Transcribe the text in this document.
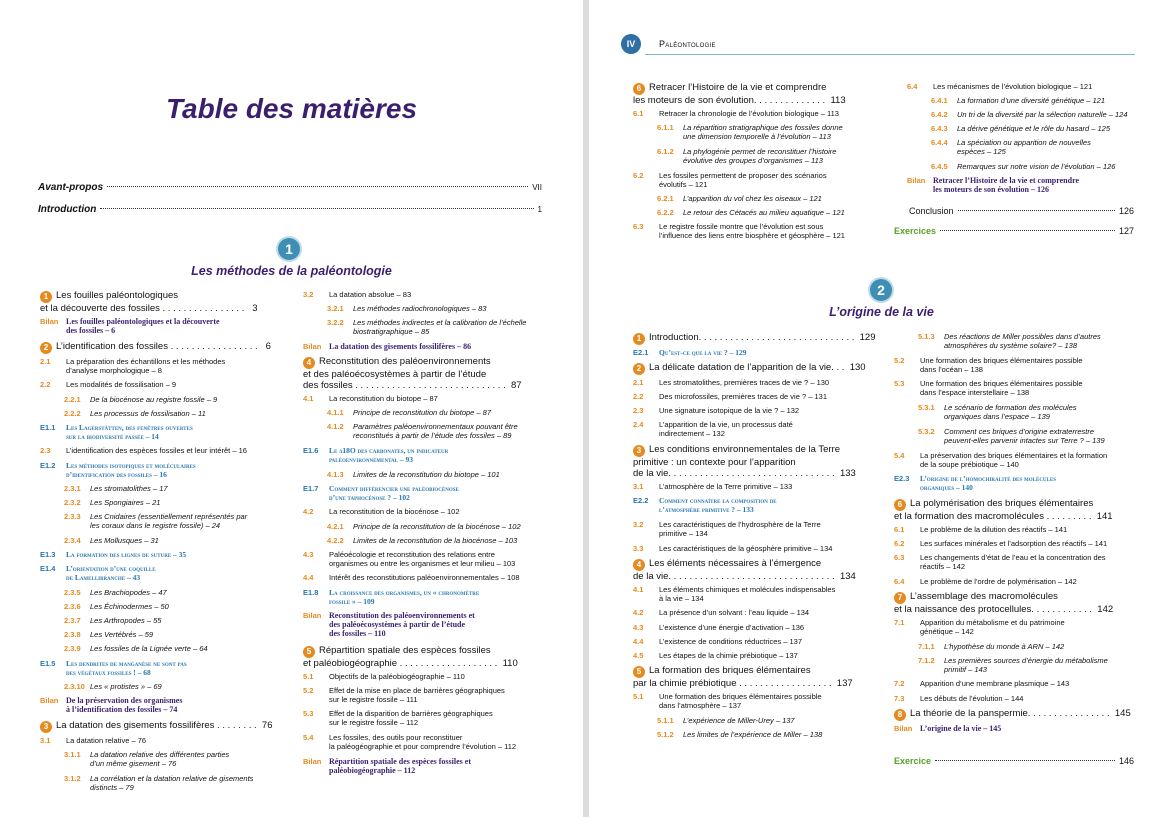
Table des matières
Avant-propos	VII
Introduction	1
1
Les méthodes de la paléontologie
1 Les fouilles paléontologiques
et la découverte des fossiles . . . . . . . . . . . . . . . .   3
Bilan Les fouilles paléontologiques et la découverte
des fossiles – 6
2 L’identification des fossiles . . . . . . . . . . . . . . . . .   6
2.1 La préparation des échantillons et les méthodes
d’analyse morphologique – 8
2.2 Les modalités de fossilisation – 9
2.2.1 De la biocénose au registre fossile – 9
2.2.2 Les processus de fossilisation – 11
E1.1 Les Lagerstätten, des fenêtres ouvertes
sur la biodiversité passée – 14
2.3 L’identification des espèces fossiles et leur intérêt – 16
E1.2 Les méthodes isotopiques et moléculaires
d’identification des fossiles – 16
2.3.1 Les stromatolithes – 17
2.3.2 Les Spongiaires – 21
2.3.3 Les Cnidaires (essentiellement représentés par
les coraux dans le registre fossile) – 24
2.3.4 Les Mollusques – 31
E1.3 La formation des lignes de suture – 35
E1.4 L’orientation d’une coquille
de Lamellibranche – 43
2.3.5 Les Brachiopodes – 47
2.3.6 Les Échinodermes – 50
2.3.7 Les Arthropodes – 55
2.3.8 Les Vertébrés – 59
2.3.9 Les fossiles de la Lignée verte – 64
E1.5 Les dendrites de manganèse ne sont pas
des végétaux fossiles ! – 68
2.3.10 Les « protistes » – 69
Bilan De la préservation des organismes
à l’identification des fossiles – 74
3 La datation des gisements fossilifères . . . . . . . .  76
3.1 La datation relative – 76
3.1.1 La datation relative des différentes parties
d’un même gisement – 76
3.1.2 La corrélation et la datation relative de gisements
distincts – 79
3.2 La datation absolue – 83
3.2.1 Les méthodes radiochronologiques – 83
3.2.2 Les méthodes indirectes et la calibration de l’échelle
biostratigraphique – 85
Bilan La datation des gisements fossilifères – 86
4 Reconstitution des paléoenvironnements
et des paléoécosystèmes à partir de l’étude
des fossiles . . . . . . . . . . . . . . . . . . . . . . . . . . . . .  87
4.1 La reconstitution du biotope – 87
4.1.1 Principe de reconstitution du biotope – 87
4.1.2 Paramètres paléoenvironnementaux pouvant être
reconstitués à partir de l’étude des fossiles – 89
E1.6 Le δ18O des carbonates, un indicateur
paléoenvironnemental – 93
4.1.3 Limites de la reconstitution du biotope – 101
E1.7 Comment différencier une paléobiocénose
d’une taphocénose ? – 102
4.2 La reconstitution de la biocénose – 102
4.2.1 Principe de la reconstitution de la biocénose – 102
4.2.2 Limites de la reconstitution de la biocénose – 103
4.3 Paléoécologie et reconstitution des relations entre
organismes ou entre les organismes et leur milieu – 103
4.4 Intérêt des reconstitutions paléoenvironnementales – 108
E1.8 La croissance des organismes, un « chronomètre
fossile » – 109
Bilan Reconstitution des paléoenvironnements et
des paléoécosystèmes à partir de l’étude
des fossiles – 110
5 Répartition spatiale des espèces fossiles
et paléobiogéographie . . . . . . . . . . . . . . . . . . .  110
5.1 Objectifs de la paléobiogéographie – 110
5.2 Effet de la mise en place de barrières géographiques
sur le registre fossile – 111
5.3 Effet de la disparition de barrières géographiques
sur le registre fossile – 112
5.4 Les fossiles, des outils pour reconstituer
la paléogéographie et pour comprendre l’évolution – 112
Bilan Répartition spatiale des espèces fossiles et
paléobiogéographie – 112
IV	Paléontologie
6 Retracer l’Histoire de la vie et comprendre
les moteurs de son évolution. . . . . . . . . . . . . .  113
6.1 Retracer la chronologie de l’évolution biologique – 113
6.1.1 La répartition stratigraphique des fossiles donne
une dimension temporelle à l’évolution – 113
6.1.2 La phylogénie permet de reconstituer l’histoire
évolutive des groupes d’organismes – 113
6.2 Les fossiles permettent de proposer des scénarios
évolutifs – 121
6.2.1 L’apparition du vol chez les oiseaux – 121
6.2.2 Le retour des Cétacés au milieu aquatique – 121
6.3 Le registre fossile montre que l’évolution est sous
l’influence des liens entre biosphère et géosphère – 121
6.4 Les mécanismes de l’évolution biologique – 121
6.4.1 La formation d’une diversité génétique – 121
6.4.2 Un tri de la diversité par la sélection naturelle – 124
6.4.3 La dérive génétique et le rôle du hasard – 125
6.4.4 La spéciation ou apparition de nouvelles
espèces – 125
6.4.5 Remarques sur notre vision de l’évolution – 126
Bilan Retracer l’Histoire de la vie et comprendre
les moteurs de son évolution – 126
Conclusion	126
Exercices	127
2
L’origine de la vie
1 Introduction. . . . . . . . . . . . . . . . . . . . . . . . . . . . . .  129
E2.1 Qu’est-ce que la vie ? – 129
2 La délicate datation de l’apparition de la vie. . .  130
2.1 Les stromatolithes, premières traces de vie ? – 130
2.2 Des microfossiles, premières traces de vie ? – 131
2.3 Une signature isotopique de la vie ? – 132
2.4 L’apparition de la vie, un processus daté
indirectement – 132
3 Les conditions environnementales de la Terre
primitive : un contexte pour l’apparition
de la vie. . . . . . . . . . . . . . . . . . . . . . . . . . . . . . . .  133
3.1 L’atmosphère de la Terre primitive – 133
E2.2 Comment connaître la composition de
l’atmosphère primitive ? – 133
3.2 Les caractéristiques de l’hydrosphère de la Terre
primitive – 134
3.3 Les caractéristiques de la géosphère primitive – 134
4 Les éléments nécessaires à l’émergence
de la vie. . . . . . . . . . . . . . . . . . . . . . . . . . . . . . . .  134
4.1 Les éléments chimiques et molécules indispensables
à la vie – 134
4.2 La présence d’un solvant : l’eau liquide – 134
4.3 L’existence d’une énergie d’activation – 136
4.4 L’existence de conditions réductrices – 137
4.5 Les étapes de la chimie prébiotique – 137
5 La formation des briques élémentaires
par la chimie prébiotique . . . . . . . . . . . . . . . . . .  137
5.1 Une formation des briques élémentaires possible
dans l’atmosphère – 137
5.1.1 L’expérience de Miller-Urey – 137
5.1.2 Les limites de l’expérience de Miller – 138
5.1.3 Des réactions de Miller possibles dans d’autres
atmosphères du système solaire? – 138
5.2 Une formation des briques élémentaires possible
dans l’océan – 138
5.3 Une formation des briques élémentaires possible
dans l’espace interstellaire – 138
5.3.1 Le scénario de formation des molécules
organiques dans l’espace – 139
5.3.2 Comment ces briques d’origine extraterrestre
peuvent-elles parvenir intactes sur Terre ? – 139
5.4 La préservation des briques élémentaires et la formation
de la soupe prébiotique – 140
E2.3 L’origine de l’homochiralité des molécules
organiques – 140
6 La polymérisation des briques élémentaires
et la formation des macromolécules . . . . . . . . .  141
6.1 Le problème de la dilution des réactifs – 141
6.2 Les surfaces minérales et l’adsorption des réactifs – 141
6.3 Les changements d’état de l’eau et la concentration des
réactifs – 142
6.4 Le problème de l’ordre de polymérisation – 142
7 L’assemblage des macromolécules
et la naissance des protocellules. . . . . . . . . . . .  142
7.1 Apparition du métabolisme et du patrimoine
génétique – 142
7.1.1 L’hypothèse du monde à ARN – 142
7.1.2 Les premières sources d’énergie du métabolisme
primitif – 143
7.2 Apparition d’une membrane plasmique – 143
7.3 Les débuts de l’évolution – 144
8 La théorie de la panspermie. . . . . . . . . . . . . . . .  145
Bilan L’origine de la vie – 145
Exercice	146
